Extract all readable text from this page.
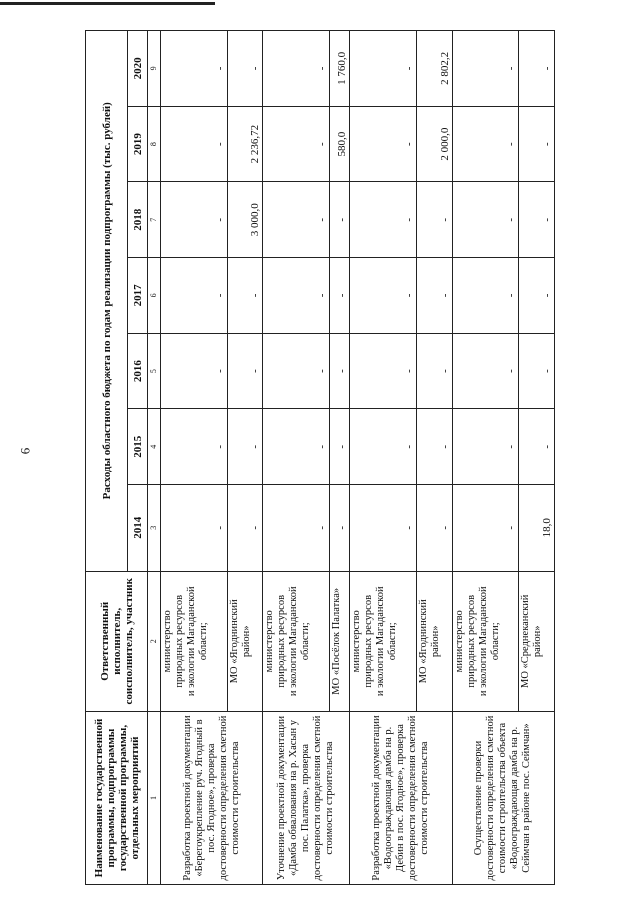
6
Наименование государственной программы, подпрограммы государственной программы, отдельных мероприятий	Ответственный исполнитель, соисполнитель, участник	Расходы областного бюджета по годам реализации подпрограммы (тыс. рублей)						
		2014	2015	2016	2017	2018	2019	2020
1	2	3	4	5	6	7	8	9
Разработка проектной документации «Берегоукрепление руч. Ягодный в пос. Ягодное», проверка достоверности определения сметной стоимости строительства	министерство
природных ресурсов
и экологии Магаданской
области;	-	-	-	-	-	-	-
	МО «Ягоднинский
район»	-	-	-	-	3 000,0	2 236,72	-
Уточнение проектной документации «Дамба обвалования на р. Хасын у пос. Палатка», проверка достоверности определения сметной стоимости строительства	министерство
природных ресурсов
и экологии Магаданской
области;	-	-	-	-	-	-	-
	МО «Посёлок Палатка»	-	-	-	-	-	580,0	1 760,0
Разработка проектной документации «Водоограждающая дамба на р. Дебин в пос. Ягодное», проверка достоверности определения сметной стоимости строительства	министерство
природных ресурсов
и экологии Магаданской
области;	-	-	-	-	-	-	-
	МО «Ягоднинский
район»	-	-	-	-	-	2 000,0	2 802,2
Осуществление проверки достоверности определения сметной стоимости строительства объекта «Водоограждающая дамба на р. Сеймчан в районе пос. Сеймчан»	министерство
природных ресурсов
и экологии Магаданской
области;	-	-	-	-	-	-	-
	МО «Среднеканский
район»	18,0	-	-	-	-	-	-
